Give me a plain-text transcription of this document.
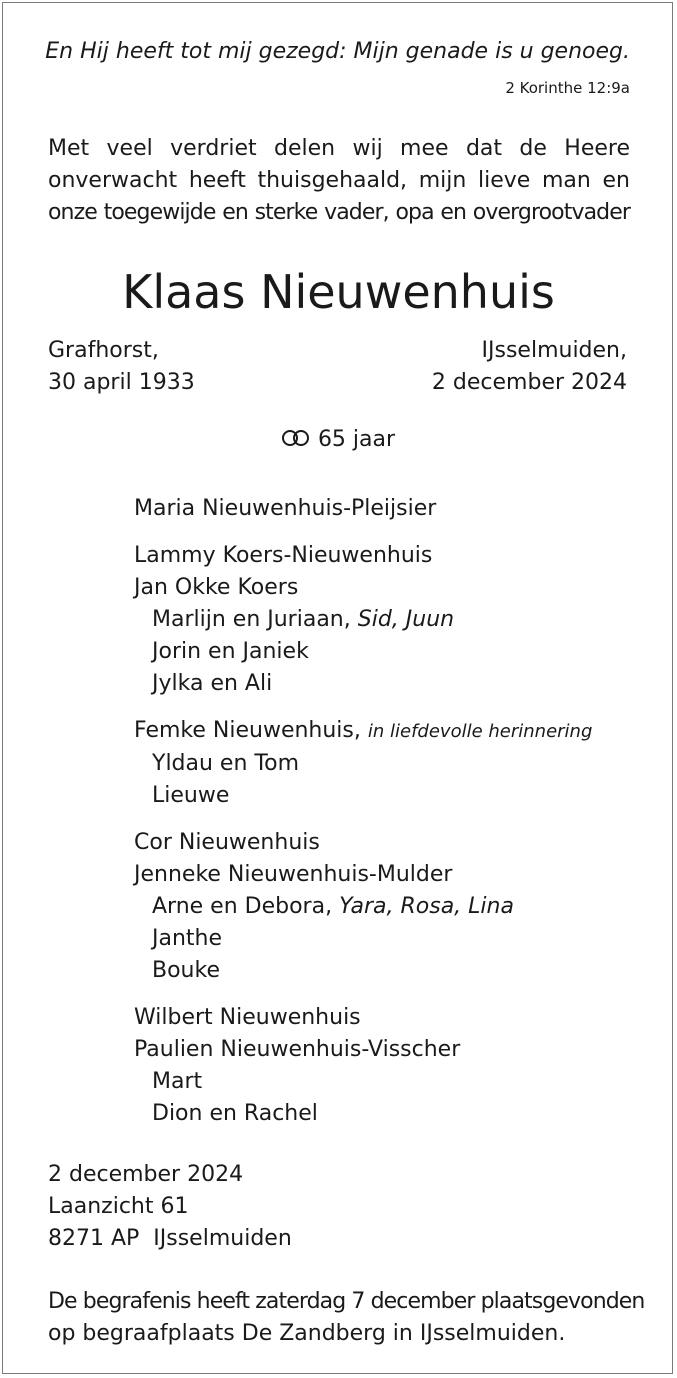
En Hij heeft tot mij gezegd: Mijn genade is u genoeg.
2 Korinthe 12:9a
Met veel verdriet delen wij mee dat de Heere
onverwacht heeft thuisgehaald, mijn lieve man en
onze toegewijde en sterke vader, opa en overgrootvader
Klaas Nieuwenhuis
Grafhorst,
30 april 1933
IJsselmuiden,
2 december 2024
65 jaar
Maria Nieuwenhuis-Pleijsier
Lammy Koers-Nieuwenhuis
Jan Okke Koers
Marlijn en Juriaan, Sid, Juun
Jorin en Janiek
Jylka en Ali
Femke Nieuwenhuis, in liefdevolle herinnering
Yldau en Tom
Lieuwe
Cor Nieuwenhuis
Jenneke Nieuwenhuis-Mulder
Arne en Debora, Yara, Rosa, Lina
Janthe
Bouke
Wilbert Nieuwenhuis
Paulien Nieuwenhuis-Visscher
Mart
Dion en Rachel
2 december 2024
Laanzicht 61
8271 AP  IJsselmuiden
De begrafenis heeft zaterdag 7 december plaatsgevonden
op begraafplaats De Zandberg in IJsselmuiden.
